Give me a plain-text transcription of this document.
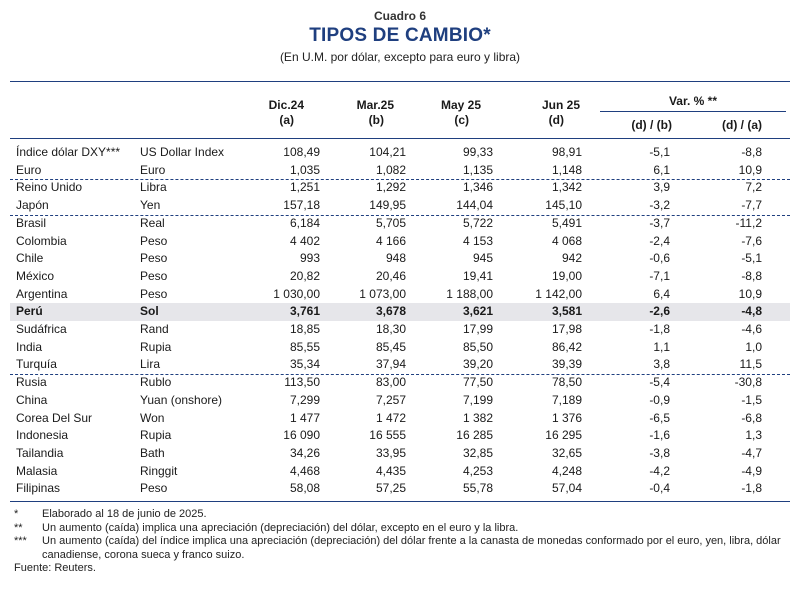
Cuadro 6
TIPOS DE CAMBIO*
(En U.M. por dólar, excepto para euro y libra)
Dic.24
(a)
Mar.25
(b)
May 25
(c)
Jun 25
(d)
Var. % **
(d) / (b)	(d) / (a)
Índice dólar DXY*** US Dollar Index	108,49	104,21	99,33	98,91	-5,1	-8,8
Euro	Euro	1,035	1,082	1,135	1,148	6,1	10,9
Reino Unido	Libra	1,251	1,292	1,346	1,342	3,9	7,2
Japón	Yen	157,18	149,95	144,04	145,10	-3,2	-7,7
Brasil	Real	6,184	5,705	5,722	5,491	-3,7	-11,2
Colombia	Peso	4 402	4 166	4 153	4 068	-2,4	-7,6
Chile	Peso	993	948	945	942	-0,6	-5,1
México	Peso	20,82	20,46	19,41	19,00	-7,1	-8,8
Argentina	Peso	1 030,00	1 073,00	1 188,00	1 142,00	6,4	10,9
Perú	Sol	3,761	3,678	3,621	3,581	-2,6	-4,8
Sudáfrica	Rand	18,85	18,30	17,99	17,98	-1,8	-4,6
India	Rupia	85,55	85,45	85,50	86,42	1,1	1,0
Turquía	Lira	35,34	37,94	39,20	39,39	3,8	11,5
Rusia	Rublo	113,50	83,00	77,50	78,50	-5,4	-30,8
China	Yuan (onshore)	7,299	7,257	7,199	7,189	-0,9	-1,5
Corea Del Sur	Won	1 477	1 472	1 382	1 376	-6,5	-6,8
Indonesia	Rupia	16 090	16 555	16 285	16 295	-1,6	1,3
Tailandia	Bath	34,26	33,95	32,85	32,65	-3,8	-4,7
Malasia	Ringgit	4,468	4,435	4,253	4,248	-4,2	-4,9
Filipinas	Peso	58,08	57,25	55,78	57,04	-0,4	-1,8
* Elaborado al 18 de junio de 2025.
** Un aumento (caída) implica una apreciación (depreciación) del dólar, excepto en el euro y la libra.
*** Un aumento (caída) del índice implica una apreciación (depreciación) del dólar frente a la canasta de monedas conformado por el euro, yen, libra, dólar canadiense, corona sueca y franco suizo.
Fuente: Reuters.
